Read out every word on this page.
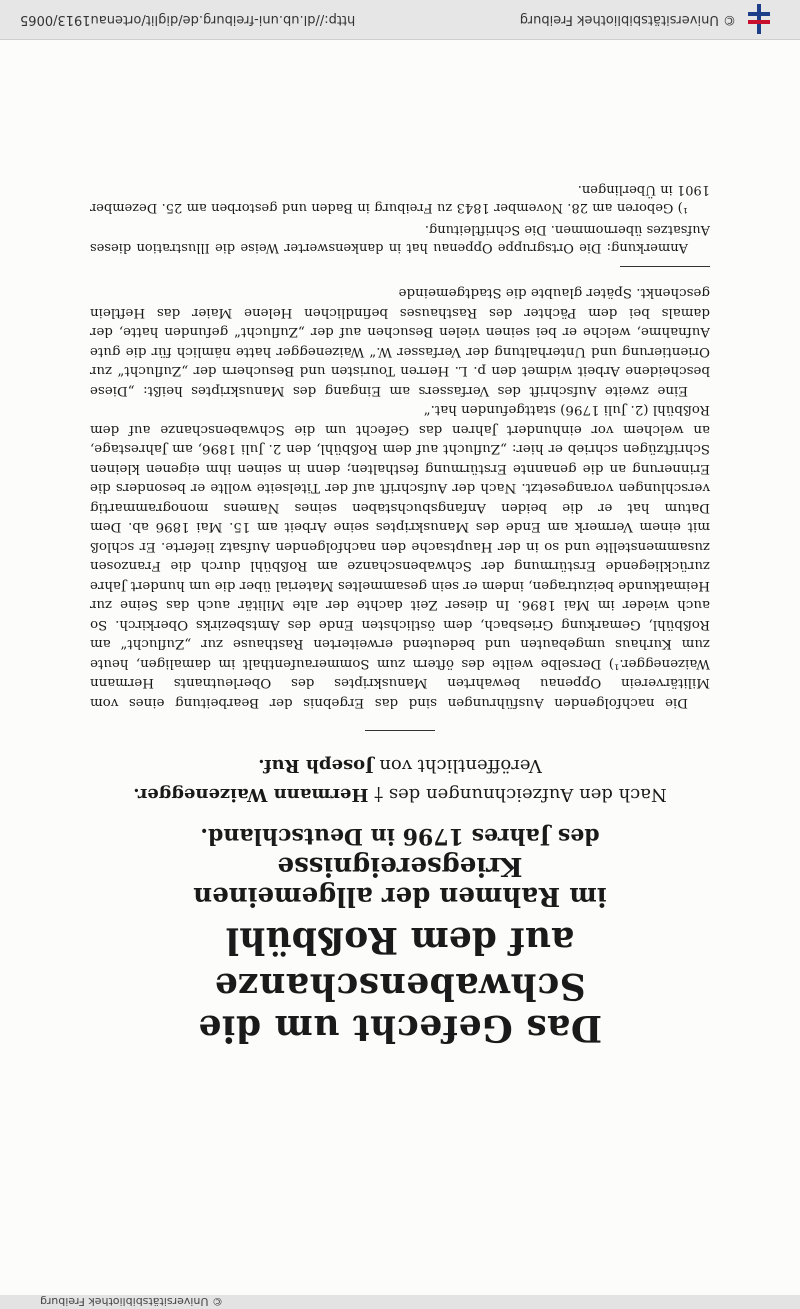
© Universitätsbibliothek Freiburg
Das Gefecht um die Schwabenschanze
auf dem Roßbühl
im Rahmen der allgemeinen Kriegsereignisse
des Jahres 1796 in Deutschland.
Nach den Aufzeichnungen des † Hermann Waizenegger.
Veröffentlicht von Joseph Ruf.

Die nachfolgenden Ausführungen sind das Ergebnis der Bearbeitung eines vom Militärverein Oppenau bewahrten Manuskriptes des Oberleutnants Hermann Waizenegger.¹) Derselbe weilte des öftern zum Sommeraufenthalt im damaligen, heute zum Kurhaus umgebauten und bedeutend erweiterten Rasthause zur „Zuflucht“ am Roßbühl, Gemarkung Griesbach, dem östlichsten Ende des Amtsbezirks Oberkirch. So auch wieder im Mai 1896. In dieser Zeit dachte der alte Militär auch das Seine zur Heimatkunde beizutragen, indem er sein gesammeltes Material über die um hundert Jahre zurückliegende Erstürmung der Schwabenschanze am Roßbühl durch die Franzosen zusammenstellte und so in der Hauptsache den nachfolgenden Aufsatz lieferte. Er schloß mit einem Vermerk am Ende des Manuskriptes seine Arbeit am 15. Mai 1896 ab. Dem Datum hat er die beiden Anfangsbuchstaben seines Namens monogrammartig verschlungen vorangesetzt. Nach der Aufschrift auf der Titelseite wollte er besonders die Erinnerung an die genannte Erstürmung festhalten; denn in seinen ihm eigenen kleinen Schriftzügen schrieb er hier: „Zuflucht auf dem Roßbühl, den 2. Juli 1896, am Jahrestage, an welchem vor einhundert Jahren das Gefecht um die Schwabenschanze auf dem Roßbühl (2. Juli 1796) stattgefunden hat.“

Eine zweite Aufschrift des Verfassers am Eingang des Manuskriptes heißt: „Diese bescheidene Arbeit widmet den p. L. Herren Touristen und Besuchern der „Zuflucht“ zur Orientierung und Unterhaltung der Verfasser W.“ Waizenegger hatte nämlich für die gute Aufnahme, welche er bei seinen vielen Besuchen auf der „Zuflucht“ gefunden hatte, der damals bei dem Pächter des Rasthauses befindlichen Helene Maier das Heftlein geschenkt. Später glaubte die Stadtgemeinde

Anmerkung: Die Ortsgruppe Oppenau hat in dankenswerter Weise die Illustration dieses Aufsatzes übernommen. Die Schriftleitung.

¹) Geboren am 28. November 1843 zu Freiburg in Baden und gestorben am 25. Dezember 1901 in Überlingen.

© Universitätsbibliothek Freiburg
http://dl.ub.uni-freiburg.de/diglit/ortenau1913/0065
